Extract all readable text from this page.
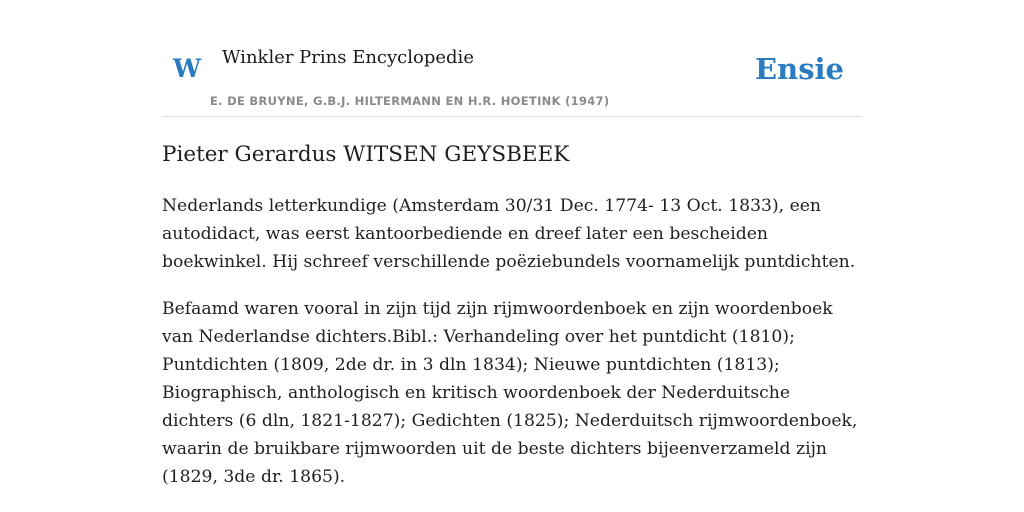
W Winkler Prins Encyclopedie
E. DE BRUYNE, G.B.J. HILTERMANN EN H.R. HOETINK (1947)
Ensie
Pieter Gerardus WITSEN GEYSBEEK

Nederlands letterkundige (Amsterdam 30/31 Dec. 1774- 13 Oct. 1833), een autodidact, was eerst kantoorbediende en dreef later een bescheiden boekwinkel. Hij schreef verschillende poëziebundels voornamelijk puntdichten.

Befaamd waren vooral in zijn tijd zijn rijmwoordenboek en zijn woordenboek van Nederlandse dichters.Bibl.: Verhandeling over het puntdicht (1810); Puntdichten (1809, 2de dr. in 3 dln 1834); Nieuwe puntdichten (1813); Biographisch, anthologisch en kritisch woordenboek der Nederduitsche dichters (6 dln, 1821-1827); Gedichten (1825); Nederduitsch rijmwoordenboek, waarin de bruikbare rijmwoorden uit de beste dichters bijeenverzameld zijn (1829, 3de dr. 1865).
